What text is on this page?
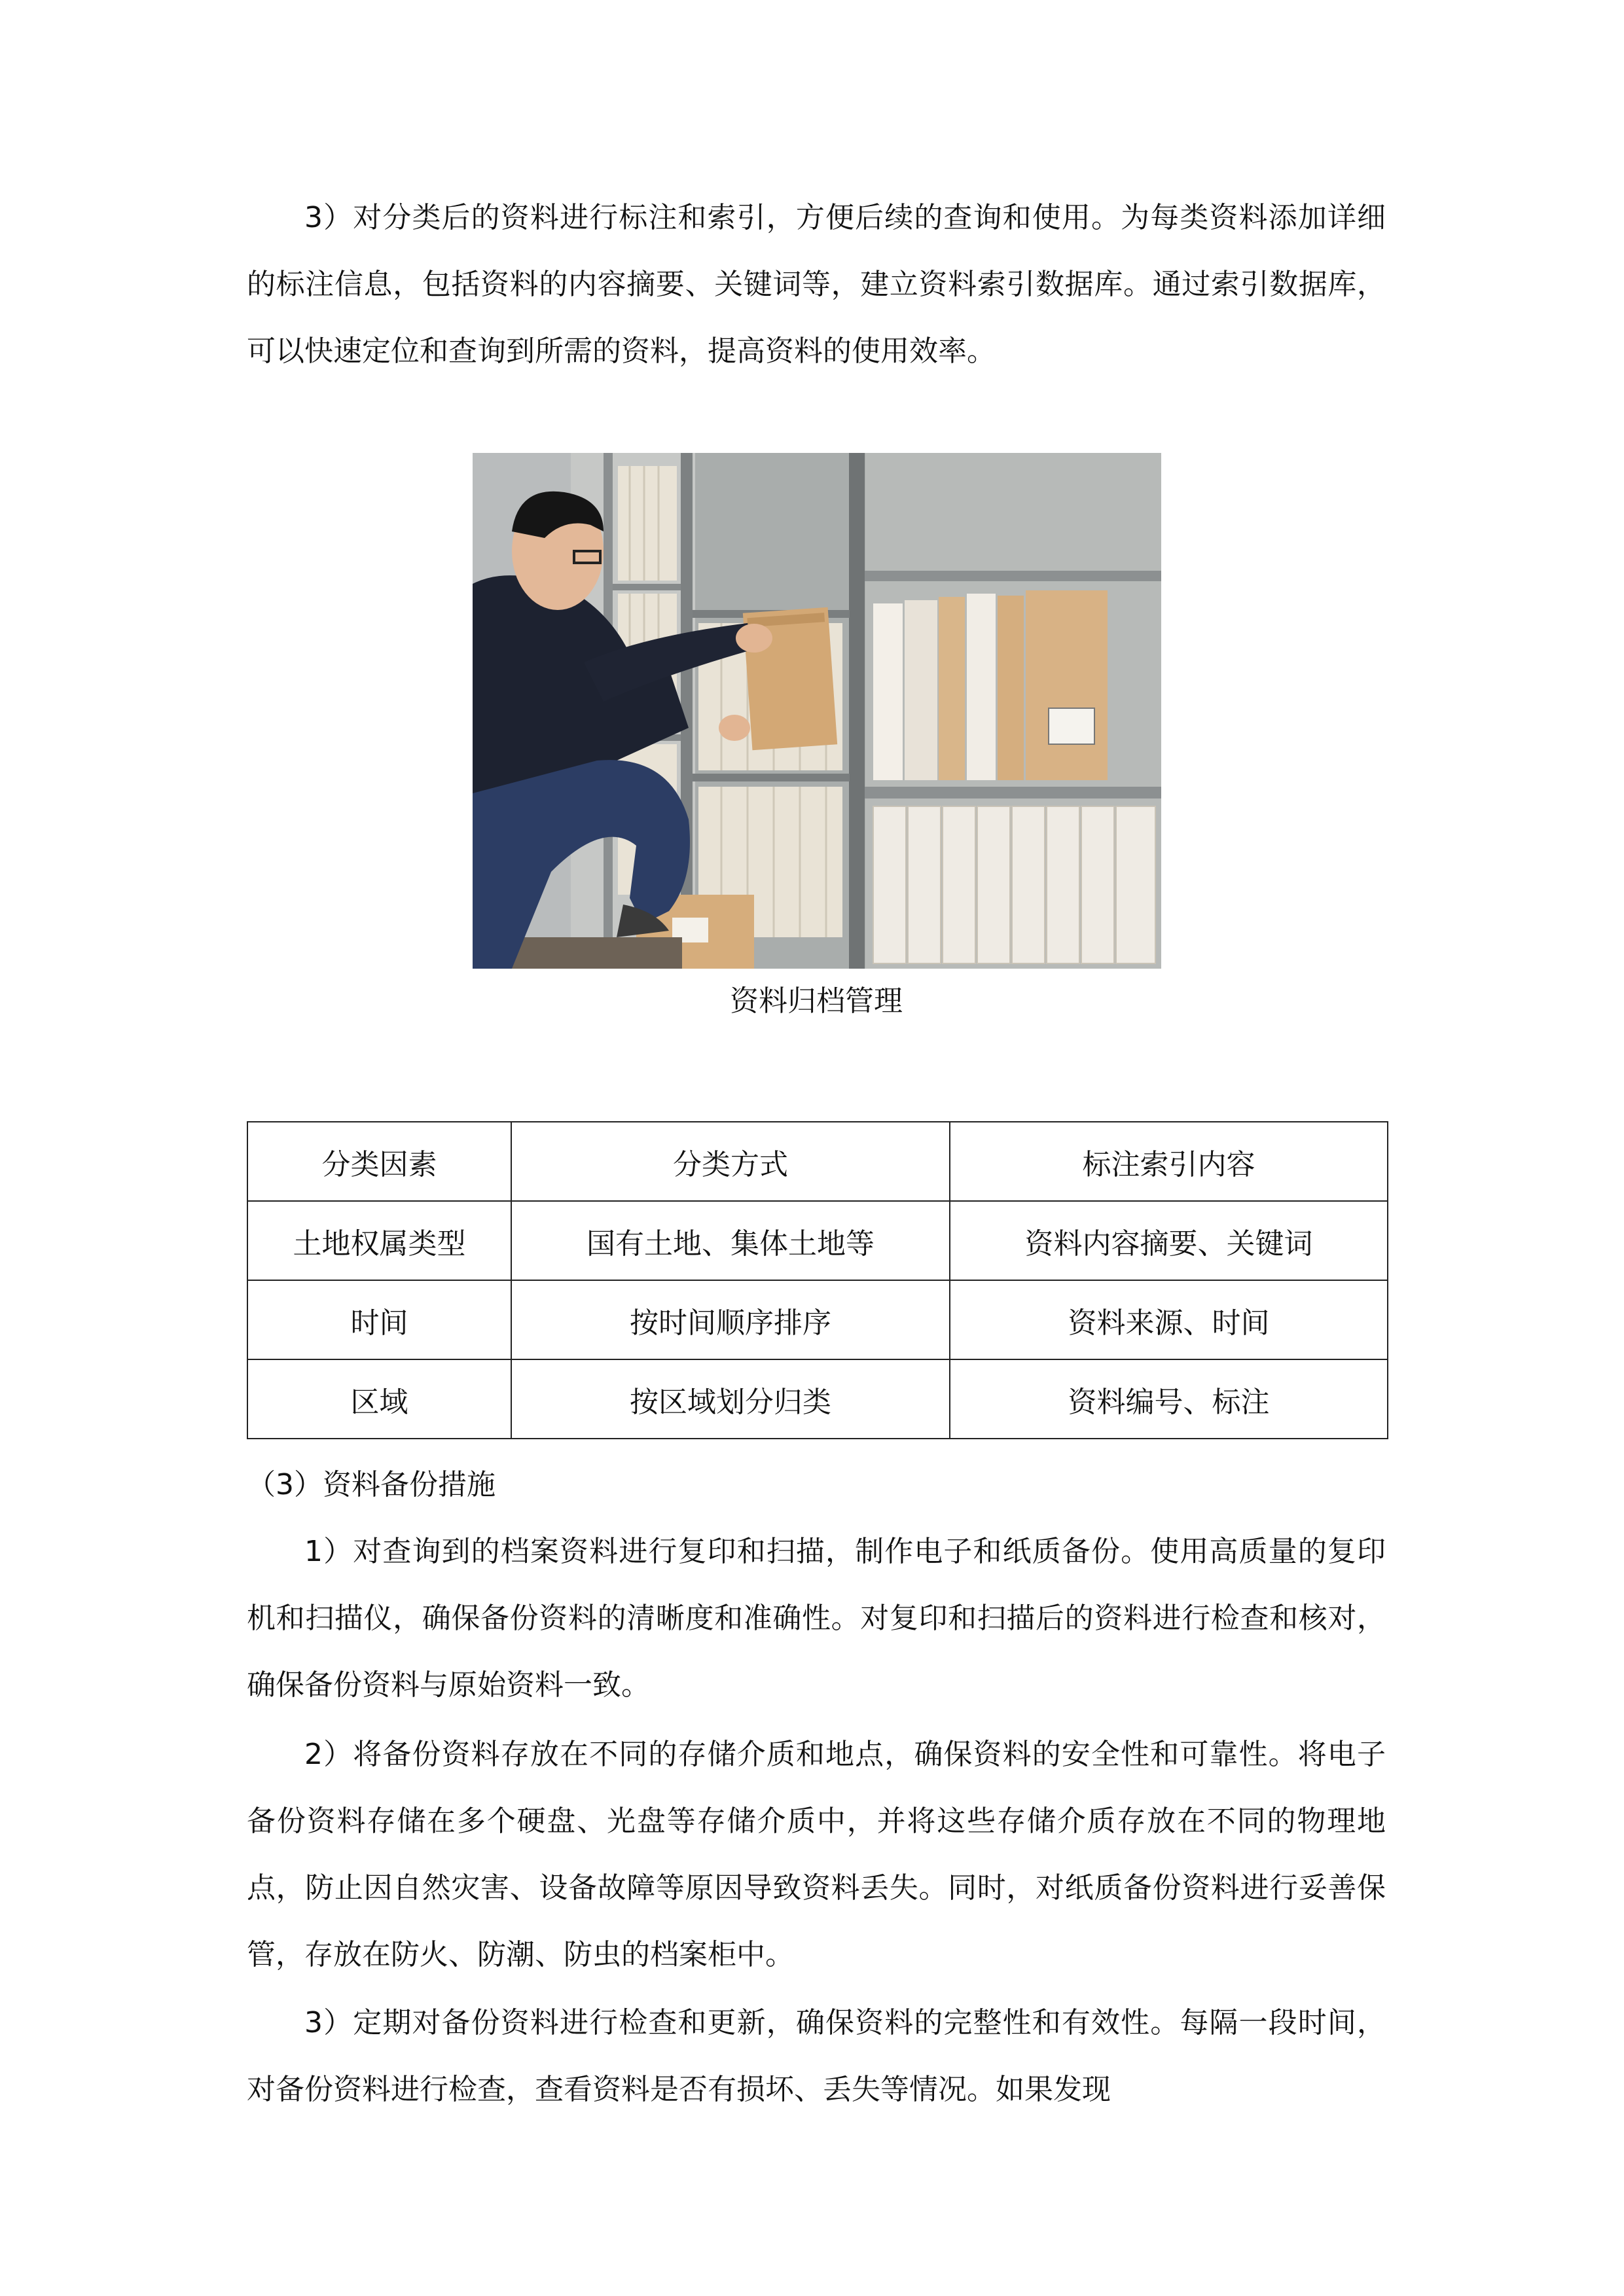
3）对分类后的资料进行标注和索引，方便后续的查询和使用。为每类资料添加详细的标注信息，包括资料的内容摘要、关键词等，建立资料索引数据库。通过索引数据库，可以快速定位和查询到所需的资料，提高资料的使用效率。

资料归档管理

分类因素	分类方式	标注索引内容
土地权属类型	国有土地、集体土地等	资料内容摘要、关键词
时间	按时间顺序排序	资料来源、时间
区域	按区域划分归类	资料编号、标注

（3）资料备份措施

1）对查询到的档案资料进行复印和扫描，制作电子和纸质备份。使用高质量的复印机和扫描仪，确保备份资料的清晰度和准确性。对复印和扫描后的资料进行检查和核对，确保备份资料与原始资料一致。

2）将备份资料存放在不同的存储介质和地点，确保资料的安全性和可靠性。将电子备份资料存储在多个硬盘、光盘等存储介质中，并将这些存储介质存放在不同的物理地点，防止因自然灾害、设备故障等原因导致资料丢失。同时，对纸质备份资料进行妥善保管，存放在防火、防潮、防虫的档案柜中。

3）定期对备份资料进行检查和更新，确保资料的完整性和有效性。每隔一段时间，对备份资料进行检查，查看资料是否有损坏、丢失等情况。如果发现
